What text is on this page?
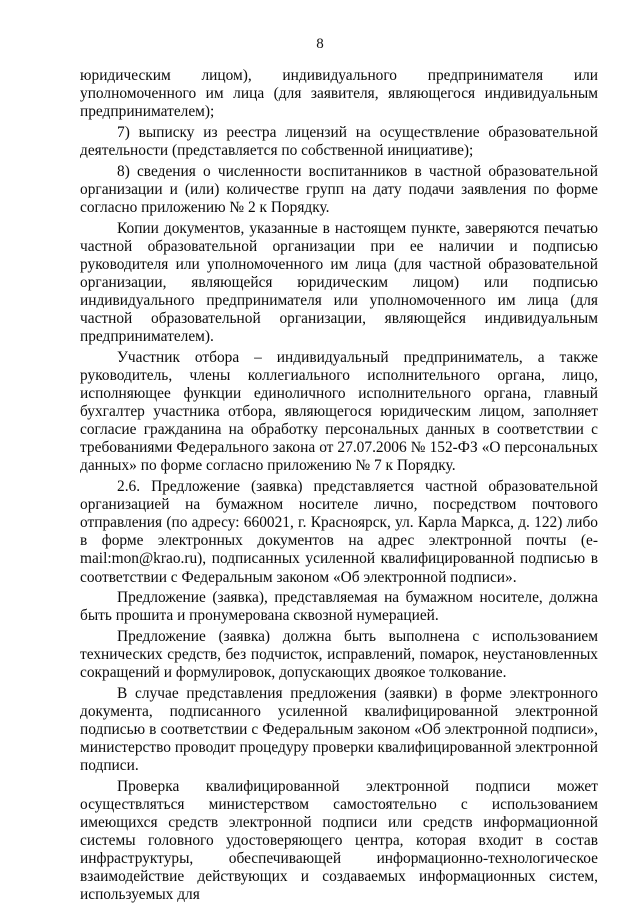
8

юридическим лицом), индивидуального предпринимателя или уполномоченного им лица (для заявителя, являющегося индивидуальным предпринимателем);

7) выписку из реестра лицензий на осуществление образовательной деятельности (представляется по собственной инициативе);

8) сведения о численности воспитанников в частной образовательной организации и (или) количестве групп на дату подачи заявления по форме согласно приложению № 2 к Порядку.

Копии документов, указанные в настоящем пункте, заверяются печатью частной образовательной организации при ее наличии и подписью руководителя или уполномоченного им лица (для частной образовательной организации, являющейся юридическим лицом) или подписью индивидуального предпринимателя или уполномоченного им лица (для частной образовательной организации, являющейся индивидуальным предпринимателем).

Участник отбора – индивидуальный предприниматель, а также руководитель, члены коллегиального исполнительного органа, лицо, исполняющее функции единоличного исполнительного органа, главный бухгалтер участника отбора, являющегося юридическим лицом, заполняет согласие гражданина на обработку персональных данных в соответствии с требованиями Федерального закона от 27.07.2006 № 152-ФЗ «О персональных данных» по форме согласно приложению № 7 к Порядку.

2.6. Предложение (заявка) представляется частной образовательной организацией на бумажном носителе лично, посредством почтового отправления (по адресу: 660021, г. Красноярск, ул. Карла Маркса, д. 122) либо в форме электронных документов на адрес электронной почты (e-mail:mon@krao.ru), подписанных усиленной квалифицированной подписью в соответствии с Федеральным законом «Об электронной подписи».

Предложение (заявка), представляемая на бумажном носителе, должна быть прошита и пронумерована сквозной нумерацией.

Предложение (заявка) должна быть выполнена с использованием технических средств, без подчисток, исправлений, помарок, неустановленных сокращений и формулировок, допускающих двоякое толкование.

В случае представления предложения (заявки) в форме электронного документа, подписанного усиленной квалифицированной электронной подписью в соответствии с Федеральным законом «Об электронной подписи», министерство проводит процедуру проверки квалифицированной электронной подписи.

Проверка квалифицированной электронной подписи может осуществляться министерством самостоятельно с использованием имеющихся средств электронной подписи или средств информационной системы головного удостоверяющего центра, которая входит в состав инфраструктуры, обеспечивающей информационно-технологическое взаимодействие действующих и создаваемых информационных систем, используемых для
